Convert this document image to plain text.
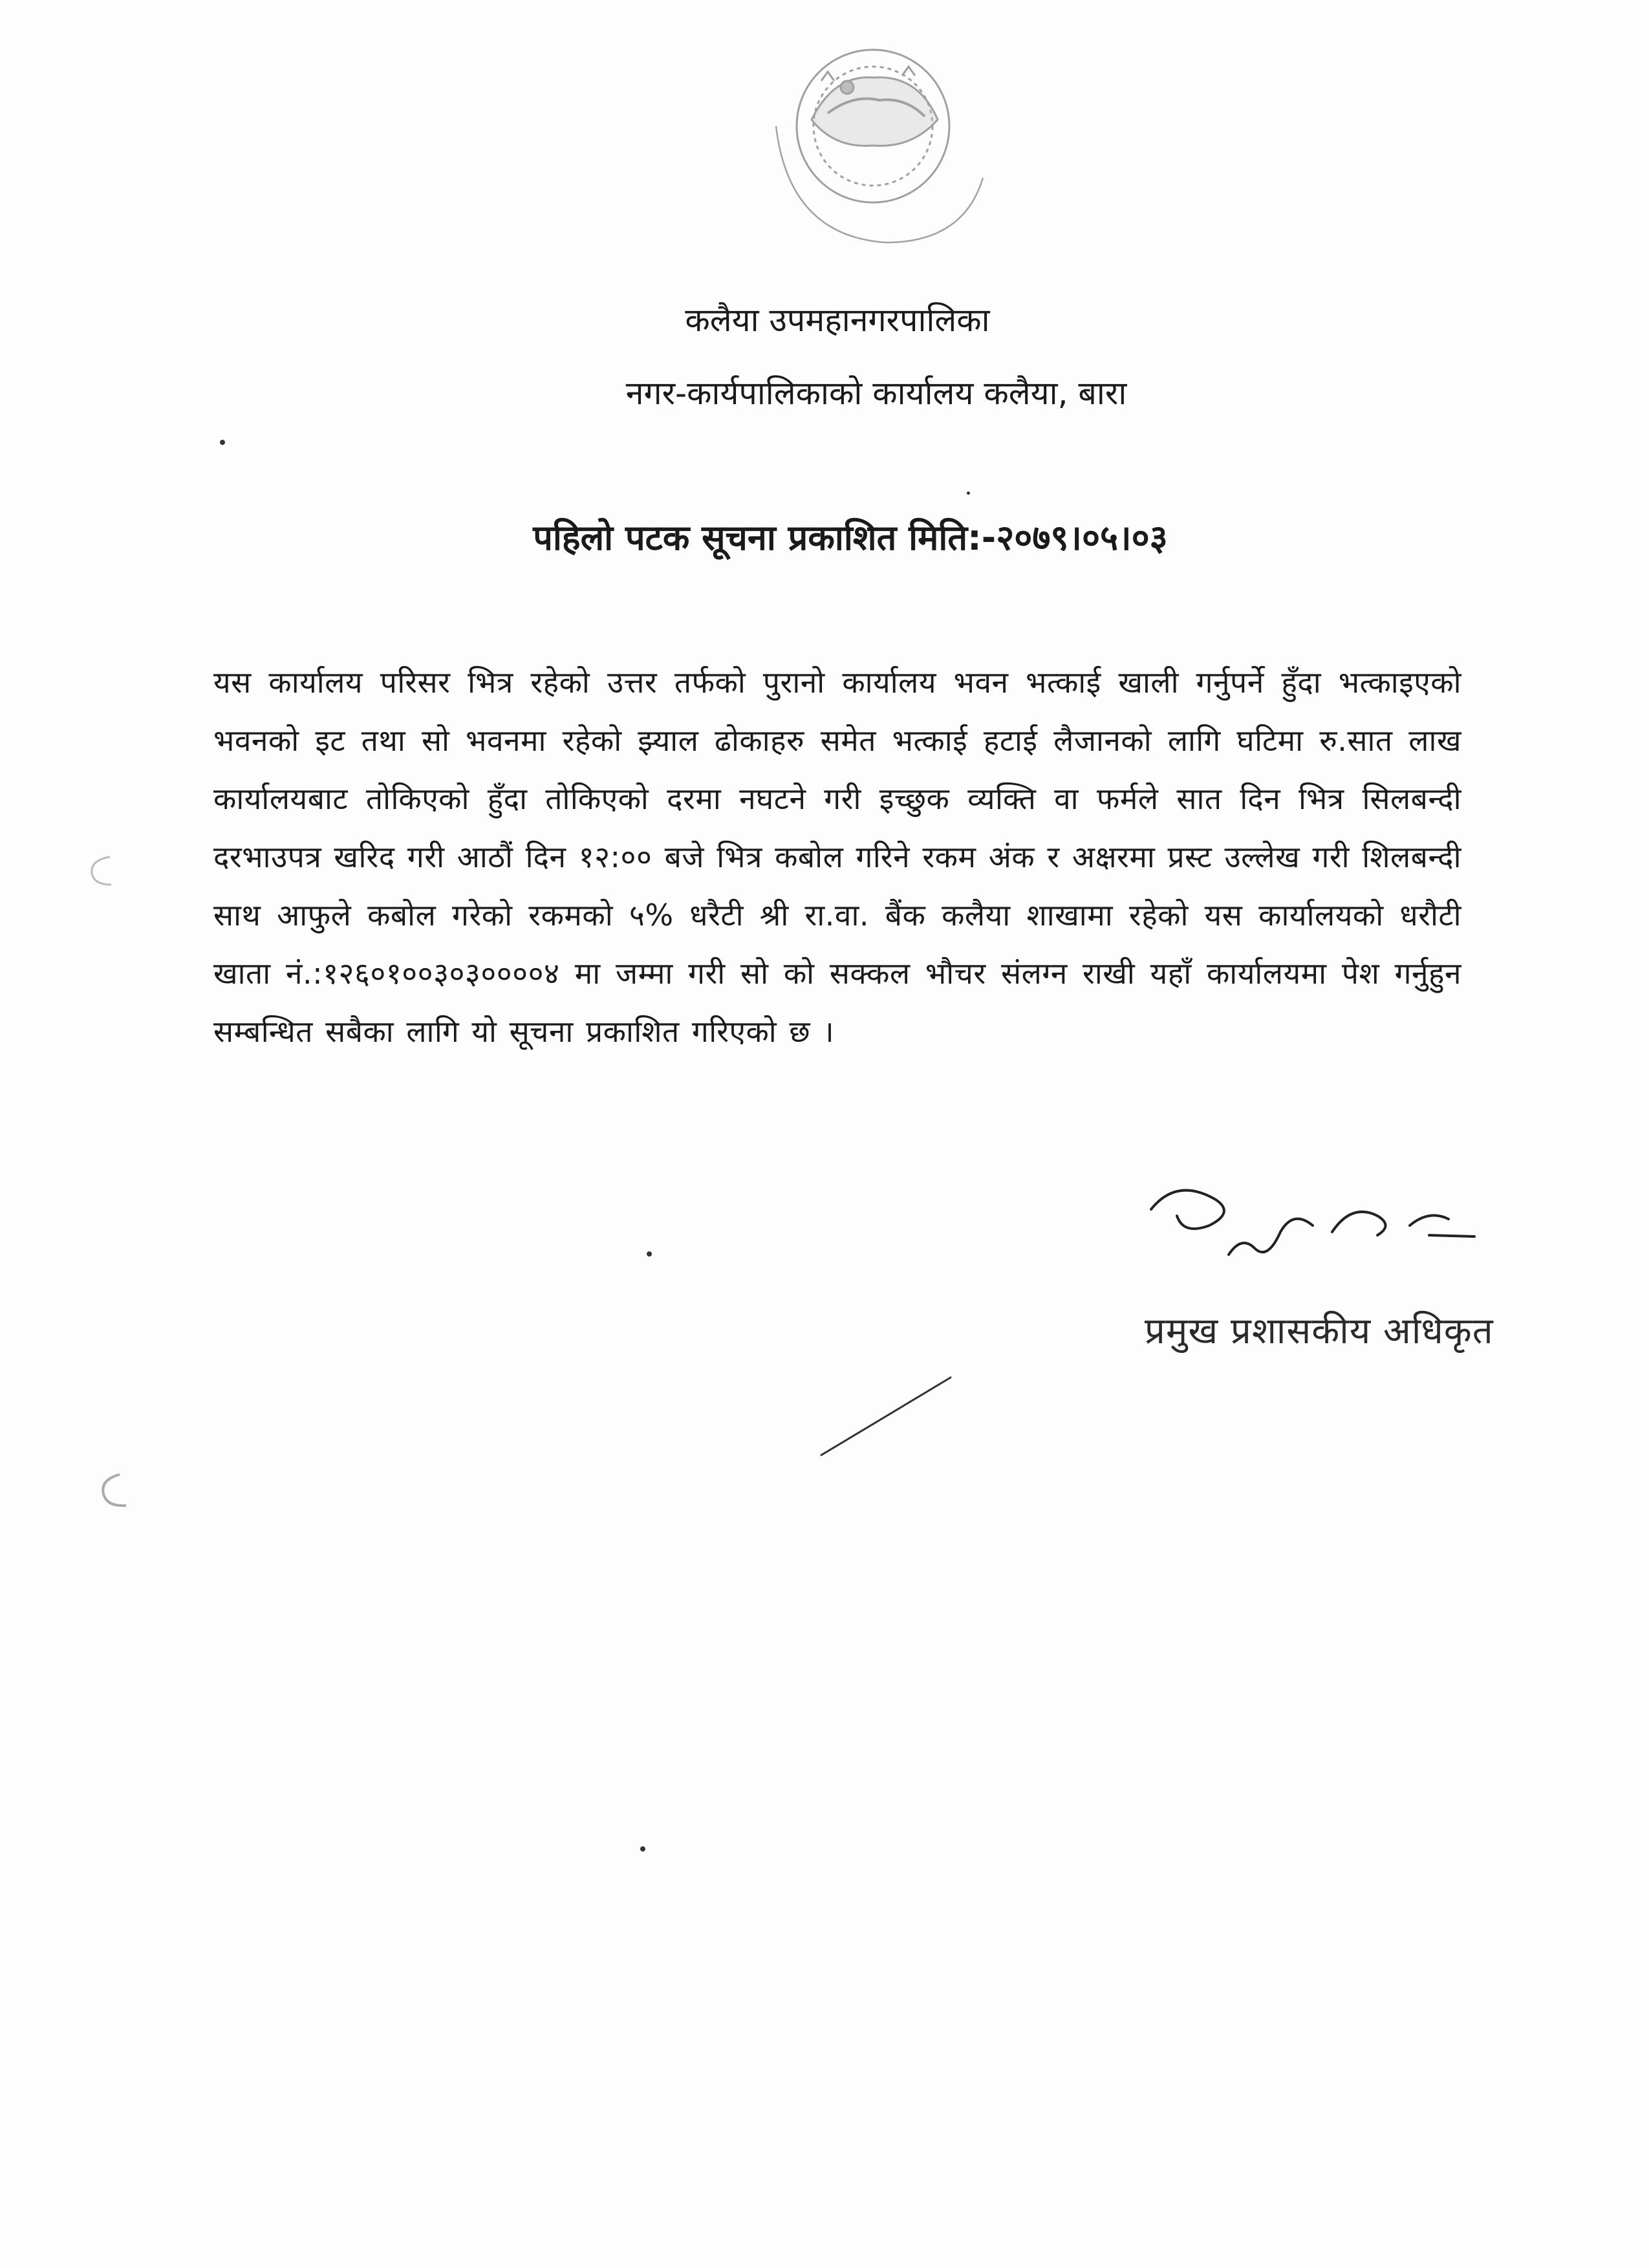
कलैया उपमहानगरपालिका
नगर-कार्यपालिकाको कार्यालय कलैया, बारा
पहिलो पटक सूचना प्रकाशित मिति:-२०७९।०५।०३
यस कार्यालय परिसर भित्र रहेको उत्तर तर्फको पुरानो कार्यालय भवन भत्काई खाली गर्नुपर्ने हुँदा भत्काइएको भवनको इट तथा सो भवनमा रहेको झ्याल ढोकाहरु समेत भत्काई हटाई लैजानको लागि घटिमा रु.सात लाख कार्यालयबाट तोकिएको हुँदा तोकिएको दरमा नघटने गरी इच्छुक व्यक्ति वा फर्मले सात दिन भित्र सिलबन्दी दरभाउपत्र खरिद गरी आठौं दिन १२:०० बजे भित्र कबोल गरिने रकम अंक र अक्षरमा प्रस्ट उल्लेख गरी शिलबन्दी साथ आफुले कबोल गरेको रकमको ५% धरैटी श्री रा.वा. बैंक कलैया शाखामा रहेको यस कार्यालयको धरौटी खाता नं.:१२६०१००३०३००००४ मा जम्मा गरी सो को सक्कल भौचर संलग्न राखी यहाँ कार्यालयमा पेश गर्नुहुन सम्बन्धित सबैका लागि यो सूचना प्रकाशित गरिएको छ ।
प्रमुख प्रशासकीय अधिकृत
